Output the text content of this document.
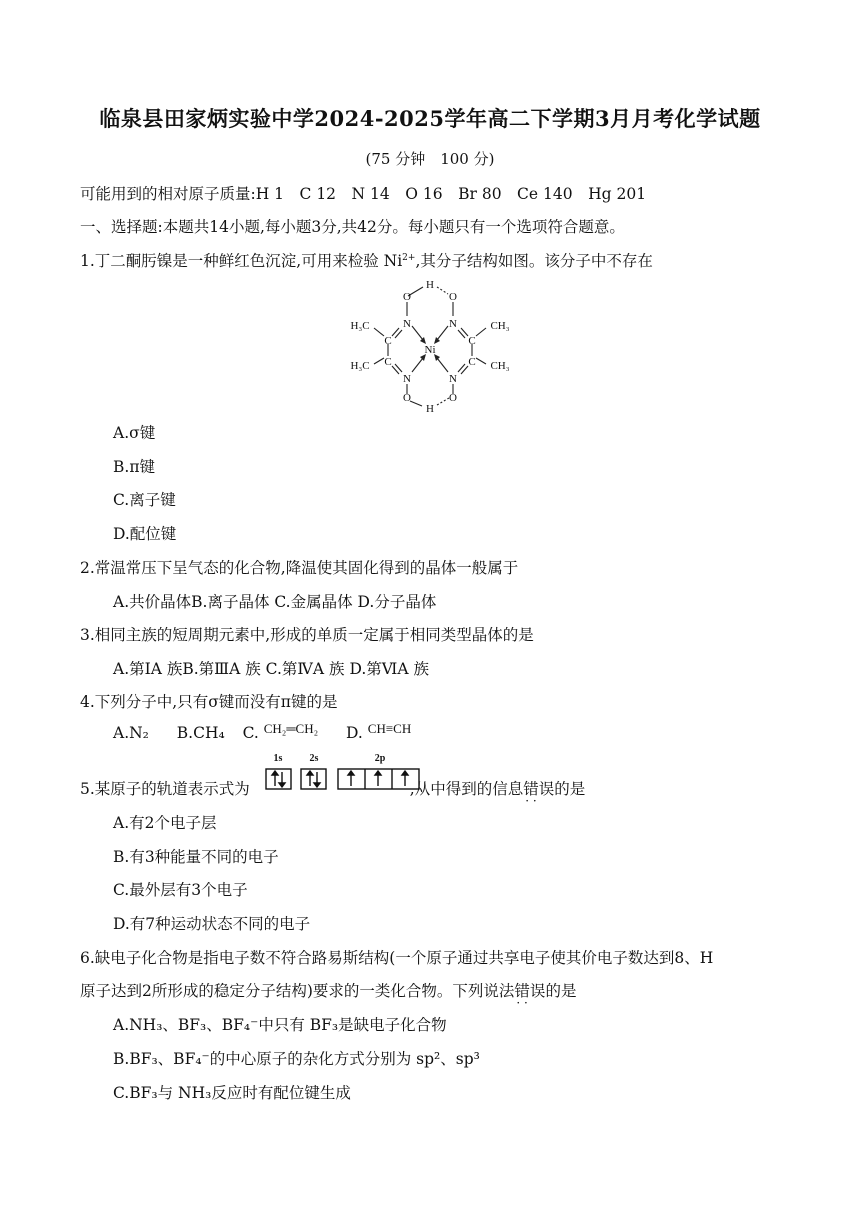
临泉县田家炳实验中学2024-2025学年高二下学期3月月考化学试题
(75 分钟　100 分)
可能用到的相对原子质量:H 1　C 12　N 14　O 16　Br 80　Ce 140　Hg 201
一、选择题:本题共14小题,每小题3分,共42分。每小题只有一个选项符合题意。
1.丁二酮肟镍是一种鲜红色沉淀,可用来检验 $Ni^{2+}$,其分子结构如图。该分子中不存在
H
O	O
N	N
C	C
Ni
C	C
N	N
O	O
H
H₃C
H₃C
CH₃
CH₃
A.σ键
B.π键
C.离子键
D.配位键
2.常温常压下呈气态的化合物,降温使其固化得到的晶体一般属于
A.共价晶体B.离子晶体 C.金属晶体 D.分子晶体
3.相同主族的短周期元素中,形成的单质一定属于相同类型晶体的是
A.第ⅠA 族B.第ⅢA 族 C.第ⅣA 族 D.第ⅥA 族
4.下列分子中,只有σ键而没有π键的是
A.N₂ B.CH₄ C. $^{CH_2═CH_2}$ D. $^{CH\equiv CH}$
5.某原子的轨道表示式为	,从中得到的信息错误 · ·的是
1s	2s	2p
A.有2个电子层
B.有3种能量不同的电子
C.最外层有3个电子
D.有7种运动状态不同的电子
6.缺电子化合物是指电子数不符合路易斯结构(一个原子通过共享电子使其价电子数达到8、H
原子达到2所形成的稳定分子结构)要求的一类化合物。下列说法错误 · ·的是
A.NH₃、BF₃、BF₄⁻中只有 BF₃是缺电子化合物
B.BF₃、BF₄⁻的中心原子的杂化方式分别为 sp²、sp³
C.BF₃与 NH₃反应时有配位键生成
